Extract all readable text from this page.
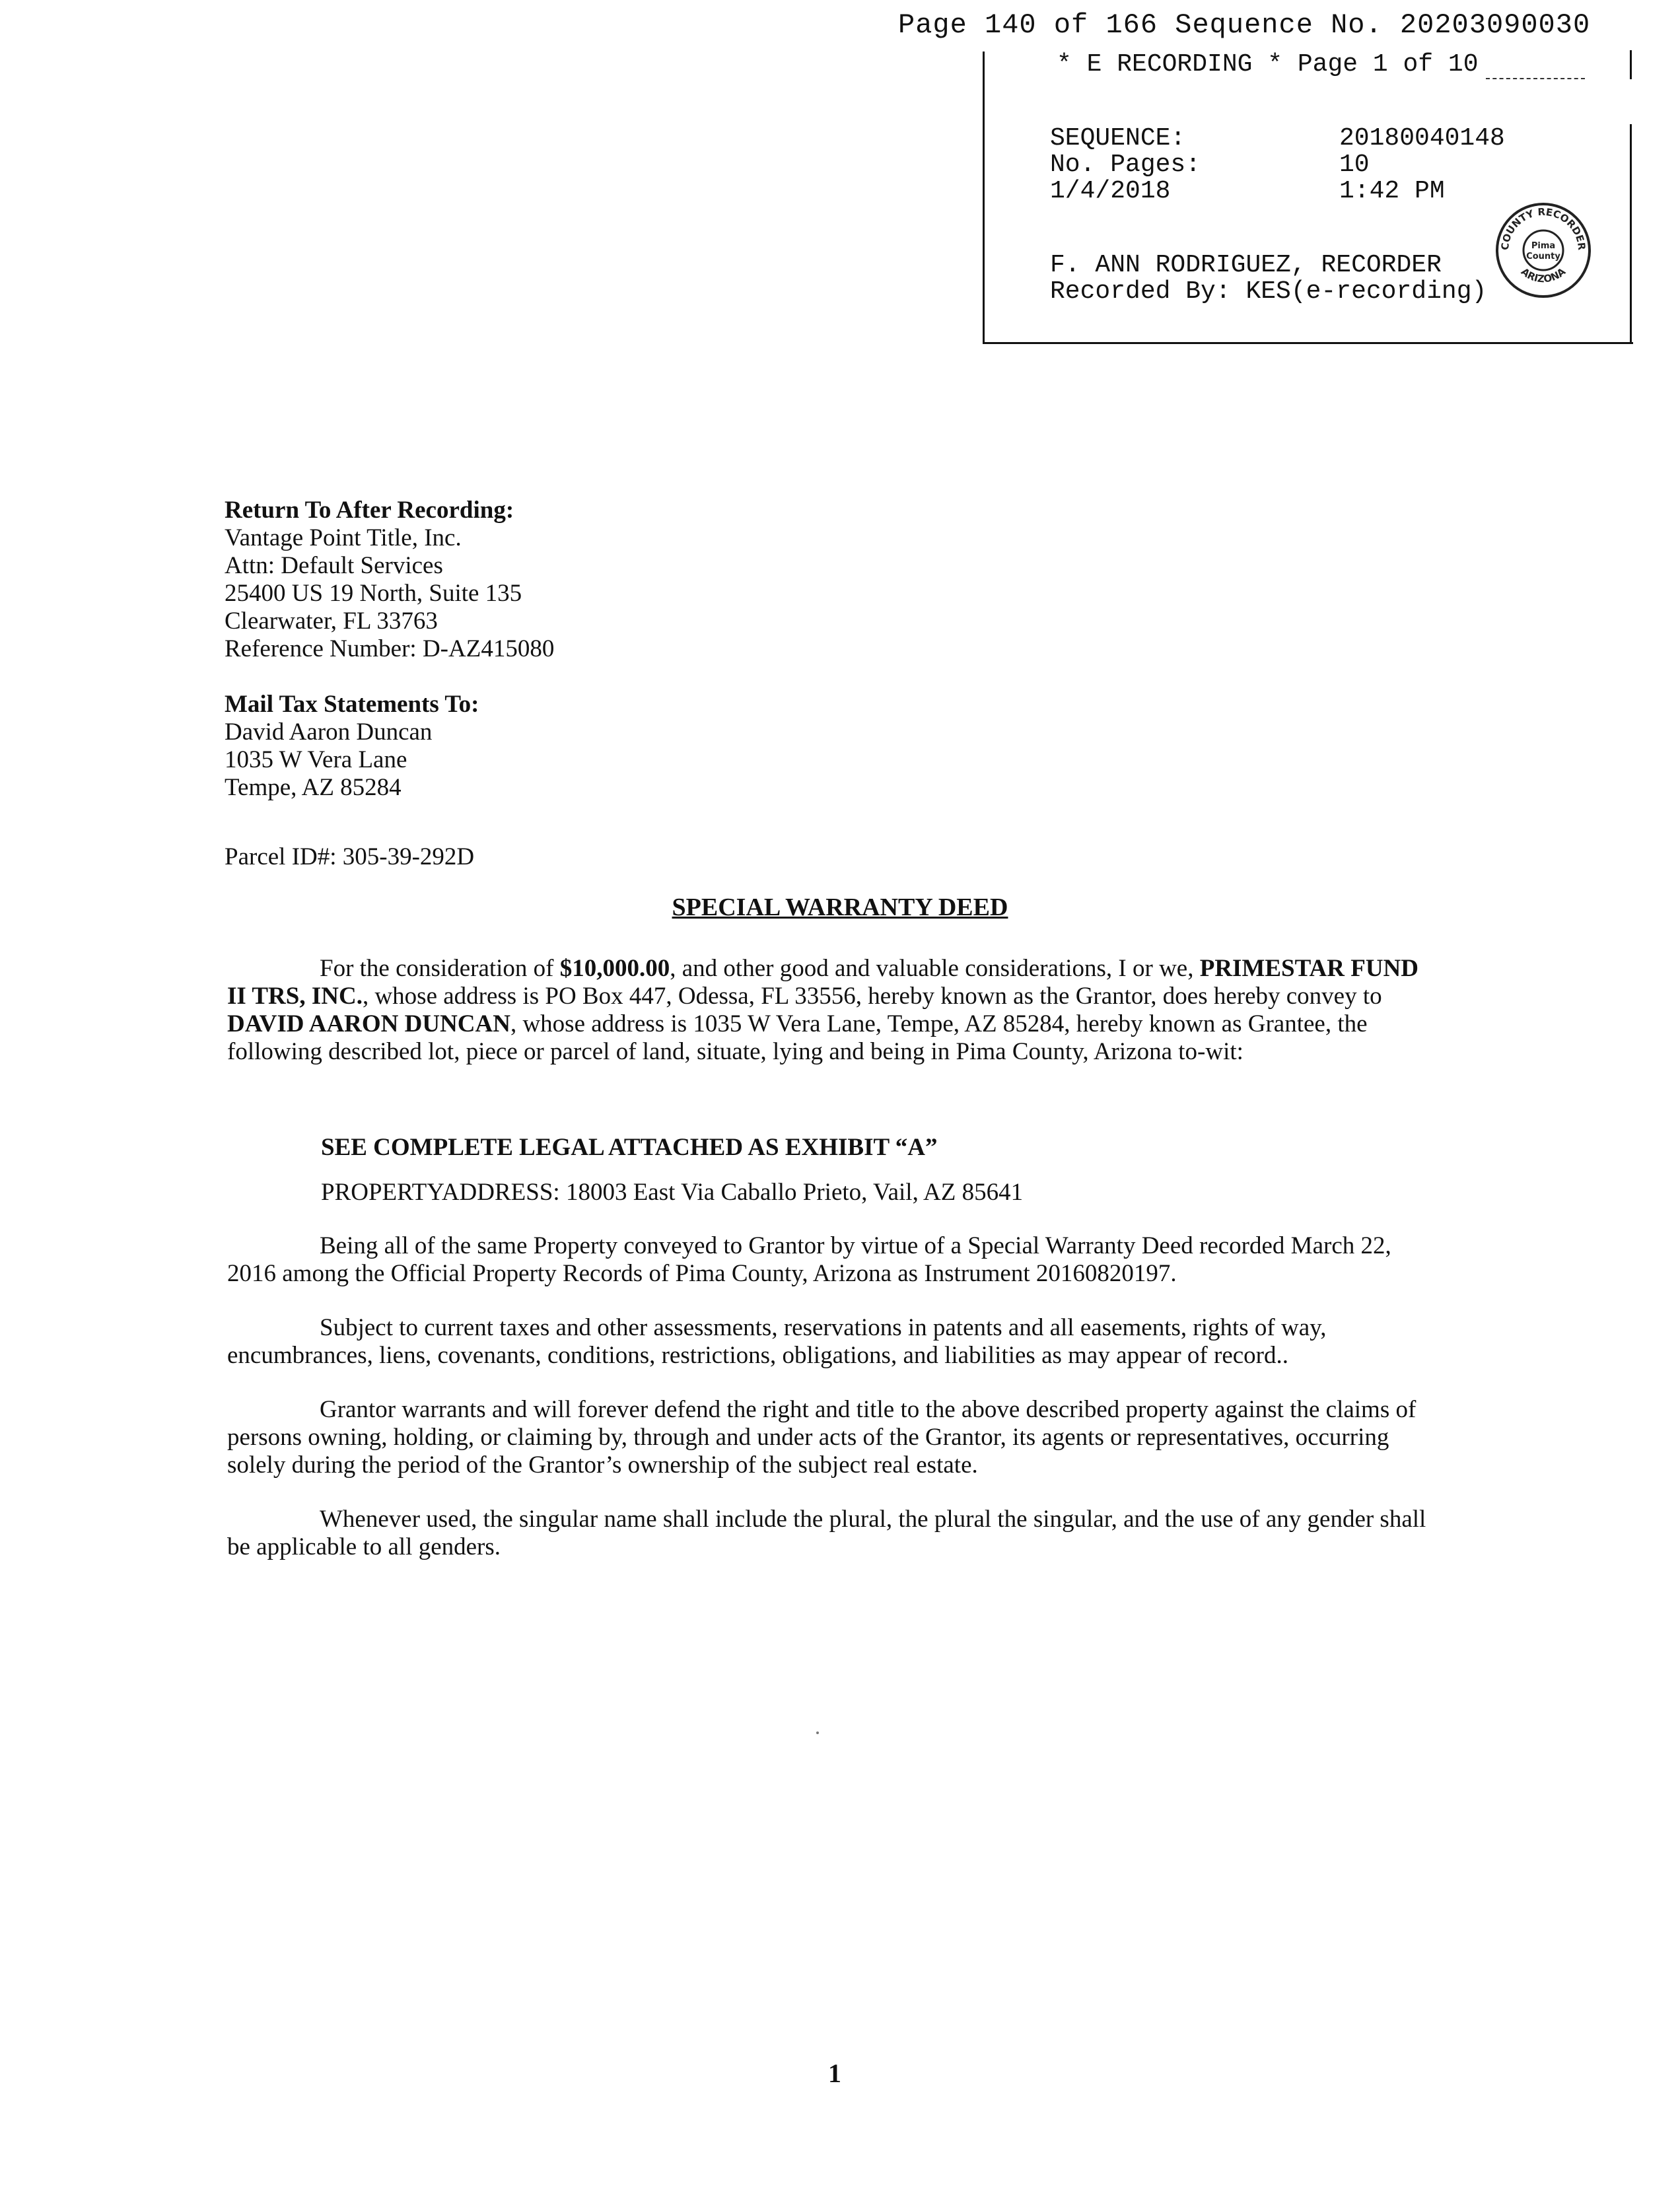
Page 140 of 166 Sequence No. 20203090030
* E RECORDING * Page 1 of 10
SEQUENCE:	20180040148
No. Pages:	10
1/4/2018	1:42 PM
F. ANN RODRIGUEZ, RECORDER
Recorded By: KES(e-recording)
COUNTY RECORDER
ARIZONA
Pima
County
Return To After Recording:
Vantage Point Title, Inc.
Attn: Default Services
25400 US 19 North, Suite 135
Clearwater, FL 33763
Reference Number: D-AZ415080
Mail Tax Statements To:
David Aaron Duncan
1035 W Vera Lane
Tempe, AZ 85284
Parcel ID#: 305-39-292D
SPECIAL WARRANTY DEED
For the consideration of $10,000.00, and other good and valuable considerations, I or we, PRIMESTAR FUND II TRS, INC., whose address is PO Box 447, Odessa, FL 33556, hereby known as the Grantor, does hereby convey to DAVID AARON DUNCAN, whose address is 1035 W Vera Lane, Tempe, AZ 85284, hereby known as Grantee, the following described lot, piece or parcel of land, situate, lying and being in Pima County, Arizona to-wit:
SEE COMPLETE LEGAL ATTACHED AS EXHIBIT “A”
PROPERTYADDRESS: 18003 East Via Caballo Prieto, Vail, AZ 85641
Being all of the same Property conveyed to Grantor by virtue of a Special Warranty Deed recorded March 22, 2016 among the Official Property Records of Pima County, Arizona as Instrument 20160820197.
Subject to current taxes and other assessments, reservations in patents and all easements, rights of way, encumbrances, liens, covenants, conditions, restrictions, obligations, and liabilities as may appear of record..
Grantor warrants and will forever defend the right and title to the above described property against the claims of persons owning, holding, or claiming by, through and under acts of the Grantor, its agents or representatives, occurring solely during the period of the Grantor’s ownership of the subject real estate.
Whenever used, the singular name shall include the plural, the plural the singular, and the use of any gender shall be applicable to all genders.
1
